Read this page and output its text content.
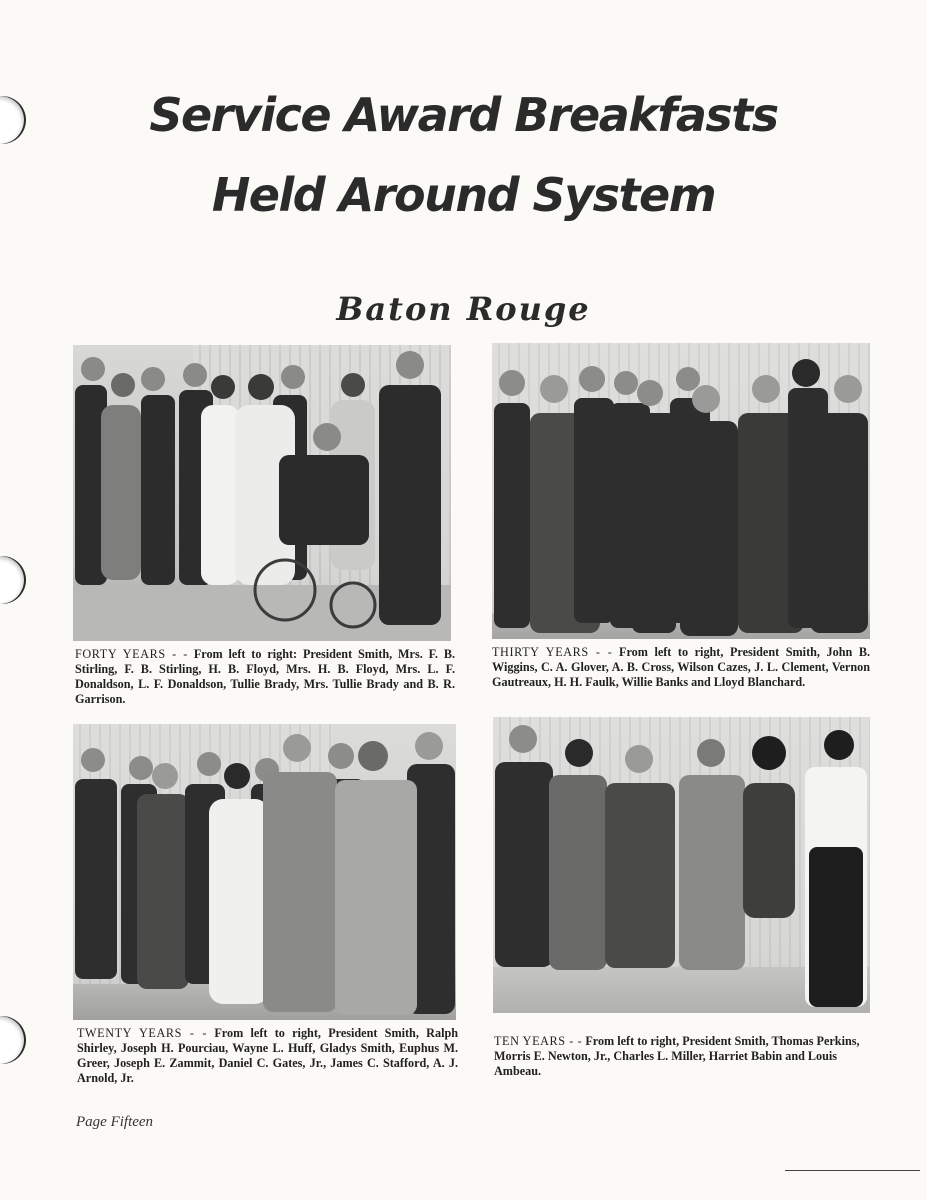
Service Award Breakfasts
Held Around System
Baton Rouge

FORTY YEARS - - From left to right: President Smith, Mrs. F. B. Stirling, F. B. Stirling, H. B. Floyd, Mrs. H. B. Floyd, Mrs. L. F. Donaldson, L. F. Donaldson, Tullie Brady, Mrs. Tullie Brady and B. R. Garrison.

THIRTY YEARS - - From left to right, President Smith, John B. Wiggins, C. A. Glover, A. B. Cross, Wilson Cazes, J. L. Clement, Vernon Gautreaux, H. H. Faulk, Willie Banks and Lloyd Blanchard.

TWENTY YEARS - - From left to right, President Smith, Ralph Shirley, Joseph H. Pourciau, Wayne L. Huff, Gladys Smith, Euphus M. Greer, Joseph E. Zammit, Daniel C. Gates, Jr., James C. Stafford, A. J. Arnold, Jr.

TEN YEARS - - From left to right, President Smith, Thomas Perkins, Morris E. Newton, Jr., Charles L. Miller, Harriet Babin and Louis Ambeau.

Page Fifteen
